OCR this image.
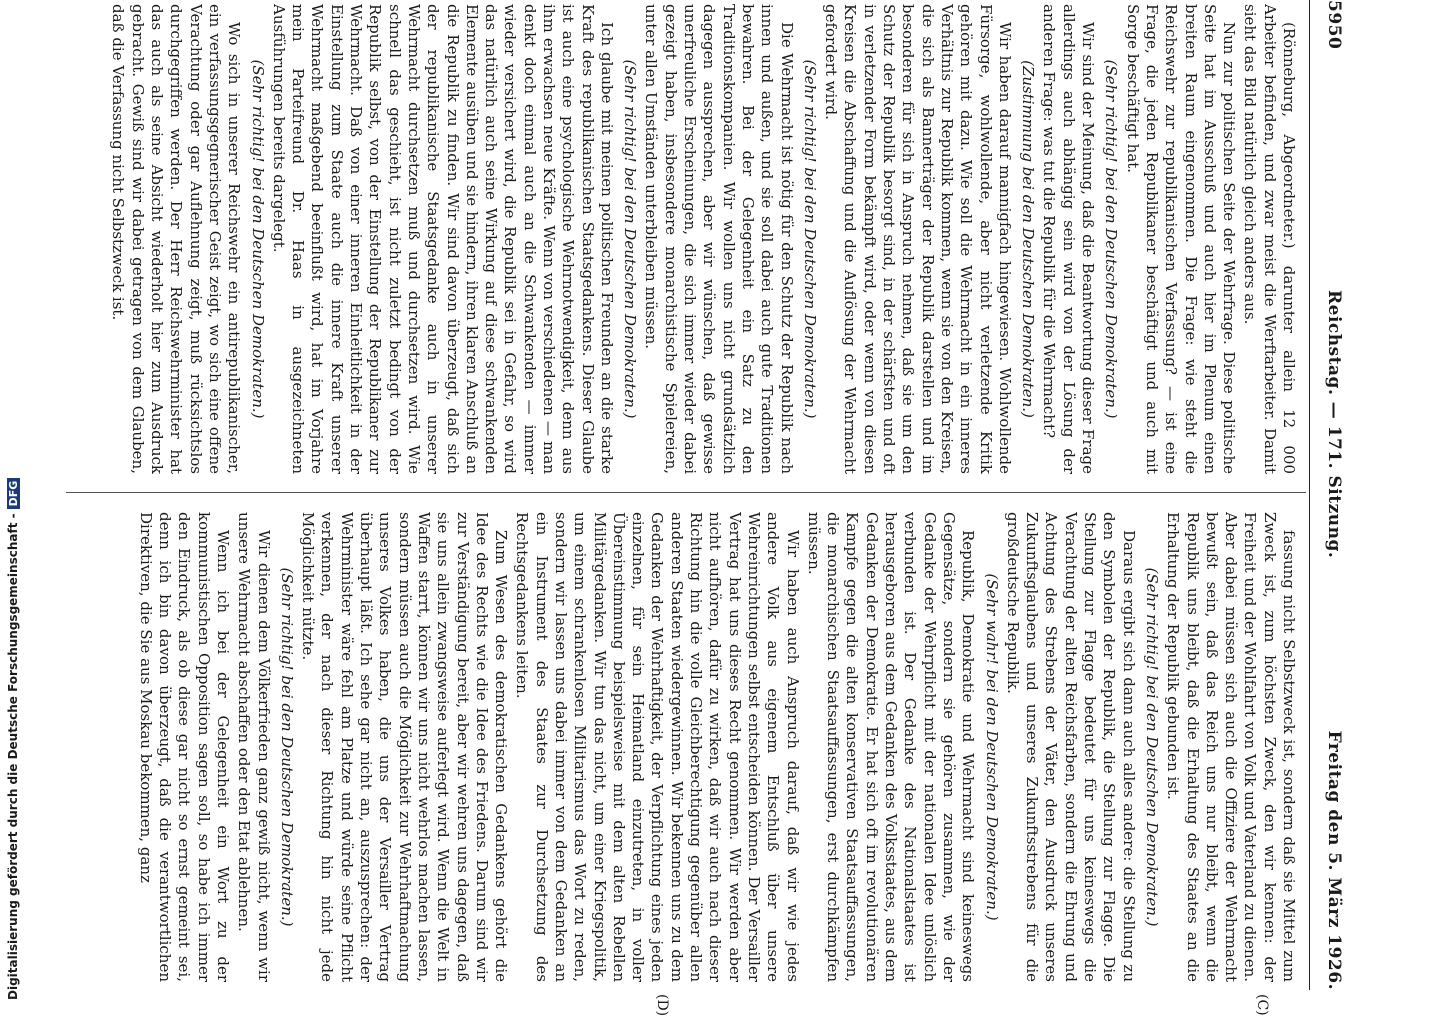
5950
Reichstag. — 171. Sitzung.
Freitag den 5. März 1926.
(C)
(D)

(Rönneburg, Abgeordneter.) darunter allein 12 000 Arbeiter befinden, und zwar meist die Werftarbeiter. Damit sieht das Bild natürlich gleich anders aus.

Nun zur politischen Seite der Wehrfrage. Diese politische Seite hat im Ausschuß und auch hier im Plenum einen breiten Raum eingenommen. Die Frage: wie steht die Reichswehr zur republikanischen Verfassung? — ist eine Frage, die jeden Republikaner beschäftigt und auch mit Sorge beschäftigt hat.

(Sehr richtig! bei den Deutschen Demokraten.)

Wir sind der Meinung, daß die Beantwortung dieser Frage allerdings auch abhängig sein wird von der Lösung der anderen Frage: was tut die Republik für die Wehrmacht?

(Zustimmung bei den Deutschen Demokraten.)

Wir haben darauf mannigfach hingewiesen. Wohlwollende Fürsorge, wohlwollende, aber nicht verletzende Kritik gehören mit dazu. Wie soll die Wehrmacht in ein inneres Verhältnis zur Republik kommen, wenn sie von den Kreisen, die sich als Bannerträger der Republik darstellen und im besonderen für sich in Anspruch nehmen, daß sie um den Schutz der Republik besorgt sind, in der schärfsten und oft in verletzender Form bekämpft wird, oder wenn von diesen Kreisen die Abschaffung und die Auflösung der Wehrmacht gefordert wird.

(Sehr richtig! bei den Deutschen Demokraten.)

Die Wehrmacht ist nötig für den Schutz der Republik nach innen und außen, und sie soll dabei auch gute Traditionen bewahren. Bei der Gelegenheit ein Satz zu den Traditionskompanien. Wir wollen uns nicht grundsätzlich dagegen aussprechen, aber wir wünschen, daß gewisse unerfreuliche Erscheinungen, die sich immer wieder dabei gezeigt haben, insbesondere monarchistische Spielereien, unter allen Umständen unterbleiben müssen.

(Sehr richtig! bei den Deutschen Demokraten.)

Ich glaube mit meinen politischen Freunden an die starke Kraft des republikanischen Staatsgedankens. Dieser Glaube ist auch eine psychologische Wehrnotwendigkeit, denn aus ihm erwachsen neue Kräfte. Wenn von verschiedenen — man denkt doch einmal auch an die Schwankenden — immer wieder versichert wird, die Republik sei in Gefahr, so wird das natürlich auch seine Wirkung auf diese schwankenden Elemente ausüben und sie hindern, ihren klaren Anschluß an die Republik zu finden. Wir sind davon überzeugt, daß sich der republikanische Staatsgedanke auch in unserer Wehrmacht durchsetzen muß und durchsetzen wird. Wie schnell das geschieht, ist nicht zuletzt bedingt von der Republik selbst, von der Einstellung der Republikaner zur Wehrmacht. Daß von einer inneren Einheitlichkeit in der Einstellung zum Staate auch die innere Kraft unserer Wehrmacht maßgebend beeinflußt wird, hat im Vorjahre mein Parteifreund Dr. Haas in ausgezeichneten Ausführungen bereits dargelegt.

(Sehr richtig! bei den Deutschen Demokraten.)

Wo sich in unserer Reichswehr ein antirepublikanischer, ein verfassungsgegnerischer Geist zeigt, wo sich eine offene Verachtung oder gar Auflehnung zeigt, muß rücksichtslos durchgegriffen werden. Der Herr Reichswehrminister hat das auch als seine Absicht wiederholt hier zum Ausdruck gebracht. Gewiß sind wir dabei getragen von dem Glauben, daß die Verfassung nicht Selbstzweck ist.

fassung nicht Selbstzweck ist, sondern daß sie Mittel zum Zweck ist, zum höchsten Zweck, den wir kennen: der Freiheit und der Wohlfahrt von Volk und Vaterland zu dienen. Aber dabei müssen sich auch die Offiziere der Wehrmacht bewußt sein, daß das Reich uns nur bleibt, wenn die Republik uns bleibt, daß die Erhaltung des Staates an die Erhaltung der Republik gebunden ist.

(Sehr richtig! bei den Deutschen Demokraten.)

Daraus ergibt sich dann auch alles andere: die Stellung zu den Symbolen der Republik, die Stellung zur Flagge. Die Stellung zur Flagge bedeutet für uns keineswegs die Verachtung der alten Reichsfarben, sondern die Ehrung und Achtung des Strebens der Väter, den Ausdruck unseres Zukunftsglaubens und unseres Zukunftsstrebens für die großdeutsche Republik.

(Sehr wahr! bei den Deutschen Demokraten.)

Republik, Demokratie und Wehrmacht sind keineswegs Gegensätze, sondern sie gehören zusammen, wie der Gedanke der Wehrpflicht mit der nationalen Idee unlöslich verbunden ist. Der Gedanke des Nationalstaates ist herausgeboren aus dem Gedanken des Volksstaates, aus dem Gedanken der Demokratie. Er hat sich oft im revolutionären Kampfe gegen die alten konservativen Staatsauffassungen, die monarchischen Staatsauffassungen, erst durchkämpfen müssen.

Wir haben auch Anspruch darauf, daß wir wie jedes andere Volk aus eigenem Entschluß über unsere Wehreinrichtungen selbst entscheiden können. Der Versailler Vertrag hat uns dieses Recht genommen. Wir werden aber nicht aufhören, dafür zu wirken, daß wir auch nach dieser Richtung hin die volle Gleichberechtigung gegenüber allen anderen Staaten wiedergewinnen. Wir bekennen uns zu dem Gedanken der Wehrhaftigkeit, der Verpflichtung eines jeden einzelnen, für sein Heimatland einzutreten, in voller Übereinstimmung beispielsweise mit dem alten Rebellen Militärgedanken. Wir tun das nicht, um einer Kriegspolitik, um einem schrankenlosen Militarismus das Wort zu reden, sondern wir lassen uns dabei immer von dem Gedanken an ein Instrument des Staates zur Durchsetzung des Rechtsgedankens leiten.

Zum Wesen des demokratischen Gedankens gehört die Idee des Rechts wie die Idee des Friedens. Darum sind wir zur Verständigung bereit, aber wir wehren uns dagegen, daß sie uns allein zwangsweise auferlegt wird. Wenn die Welt in Waffen starrt, können wir uns nicht wehrlos machen lassen, sondern müssen auch die Möglichkeit zur Wehrhaftmachung unseres Volkes haben, die uns der Versailler Vertrag überhaupt läßt. Ich sehe gar nicht an, auszusprechen: der Wehrminister wäre fehl am Platze und würde seine Pflicht verkennen, der nach dieser Richtung hin nicht jede Möglichkeit nützte.

(Sehr richtig! bei den Deutschen Demokraten.)

Wir dienen dem Völkerfrieden ganz gewiß nicht, wenn wir unsere Wehrmacht abschaffen oder den Etat ablehnen.

Wenn ich bei der Gelegenheit ein Wort zu der kommunistischen Opposition sagen soll, so habe ich immer den Eindruck, als ob diese gar nicht so ernst gemeint sei, denn ich bin davon überzeugt, daß die verantwortlichen Direktiven, die Sie aus Moskau bekommen, ganz

Digitalisierung gefördert durch die Deutsche Forschungsgemeinschaft -DFG
